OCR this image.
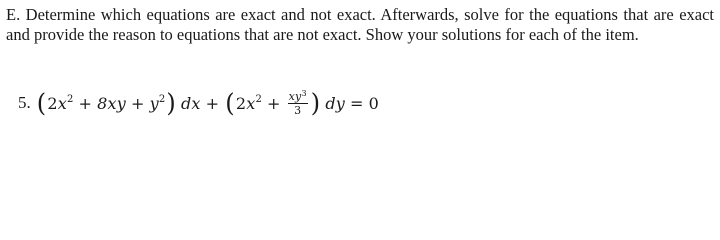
E. Determine which equations are exact and not exact. Afterwards, solve for the equations that are exact and provide the reason to equations that are not exact. Show your solutions for each of the item.

5. ( $2x^2 + 8xy + y^2$ ) dx + ( $2x^2 + \frac{xy^3}{3}$ ) dy = 0
